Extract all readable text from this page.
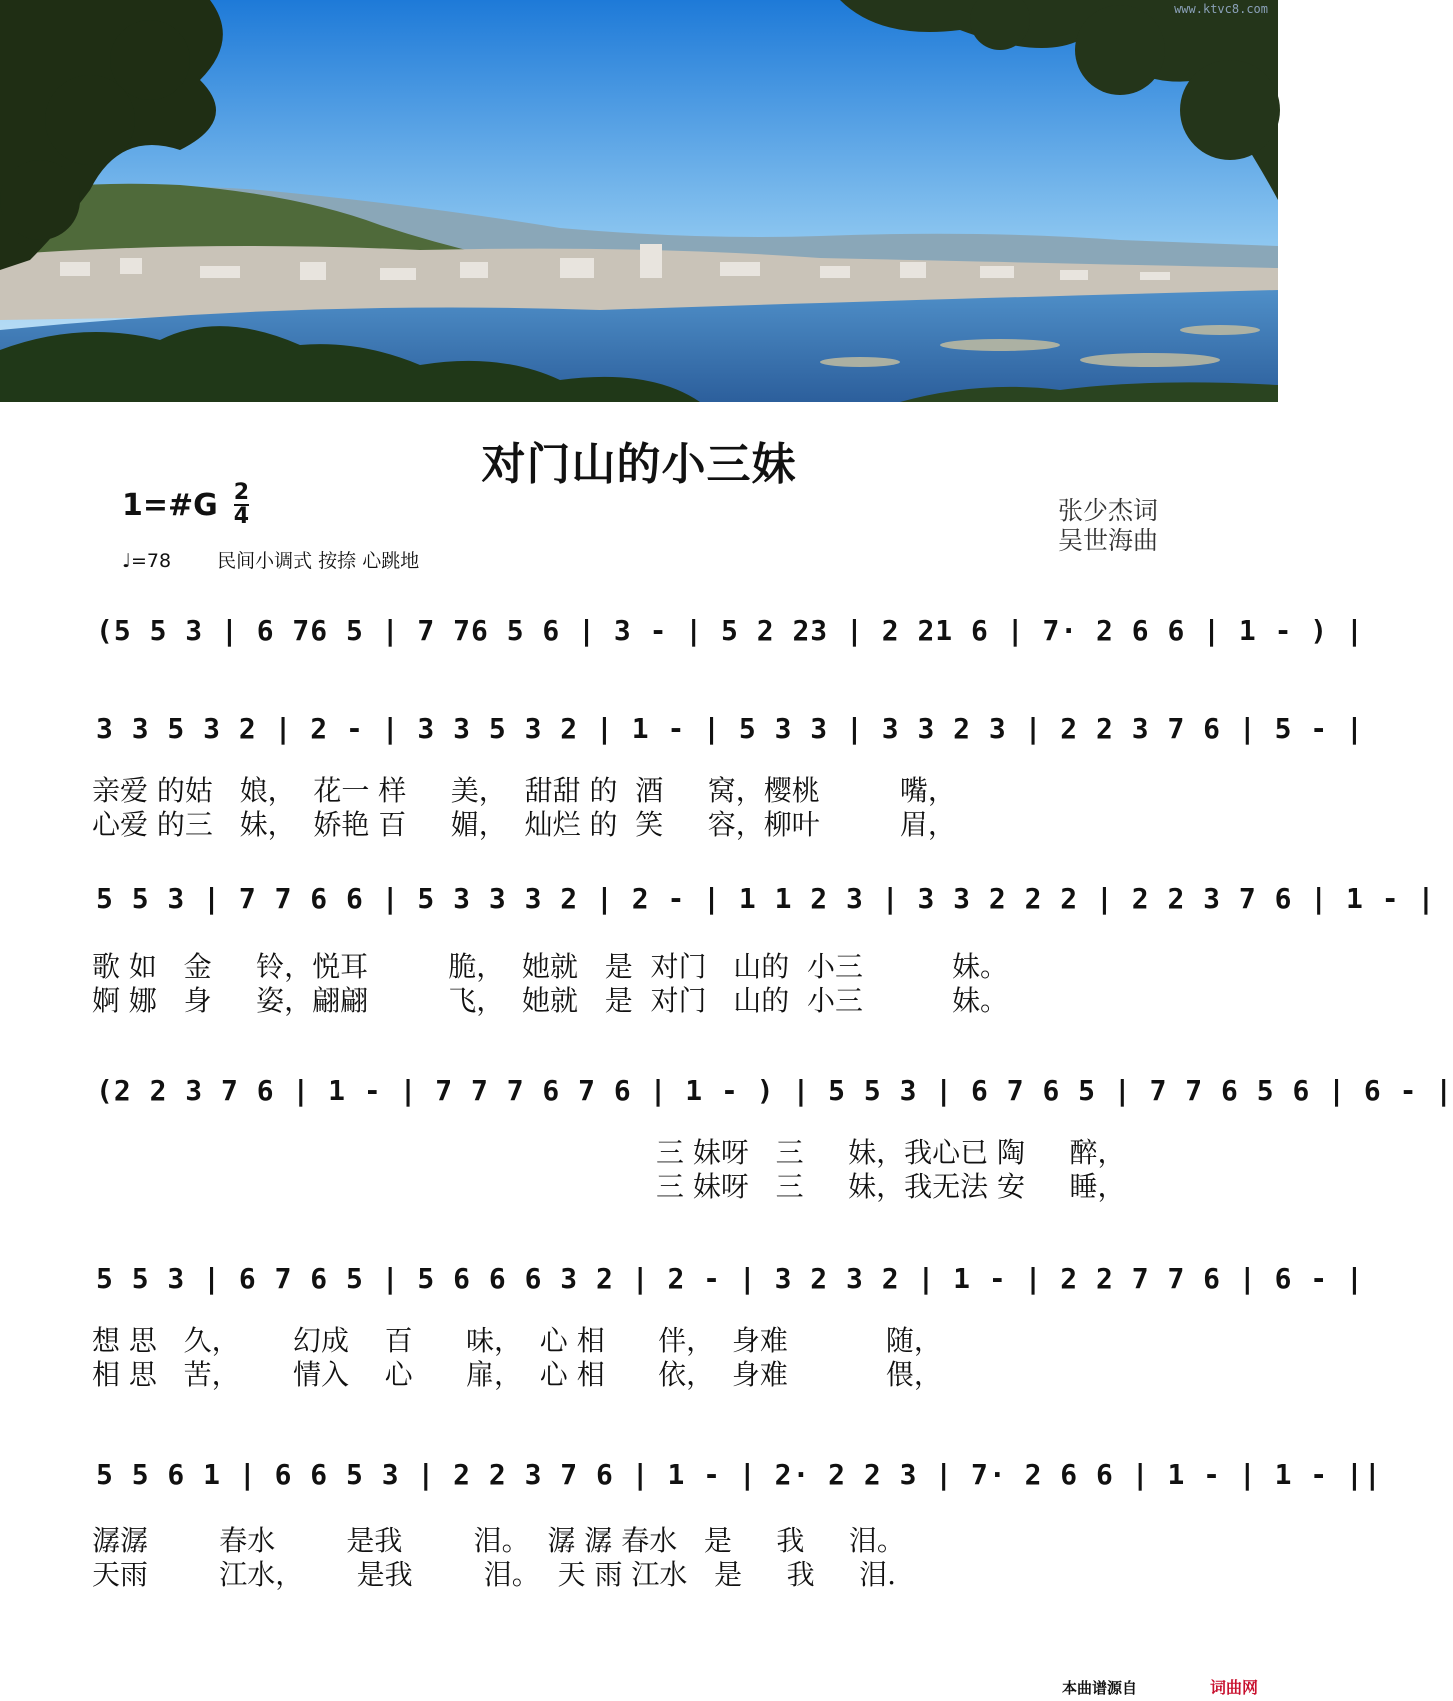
www.ktvc8.com
对门山的小三妹
1=#G $\frac{2}{4}$
♩=78 民间小调式 按捺 心跳地
张少杰词
吴世海曲
(5 5 3 | 6 76 5 | 7 76 5 6 | 3 - | 5 2 23 | 2 21 6 | 7· 2 6 6 | 1 - ) |
3 3 5 3 2 | 2 - | 3 3 5 3 2 | 1 - | 5 3 3 | 3 3 2 3 | 2 2 3 7 6 | 5 - |
亲爱 的姑   娘，  花一 样     美，  甜甜 的  酒     窝，樱桃         嘴，
心爱 的三   妹，  娇艳 百     媚，  灿烂 的  笑     容，柳叶         眉，
5 5 3 | 7 7 6 6 | 5 3 3 3 2 | 2 - | 1 1 2 3 | 3 3 2 2 2 | 2 2 3 7 6 | 1 - |
歌 如   金     铃，悦耳         脆，  她就   是  对门   山的  小三          妹。
婀 娜   身     姿，翩翩         飞，  她就   是  对门   山的  小三          妹。
(2 2 3 7 6 | 1 - | 7 7 7 6 7 6 | 1 - ) | 5 5 3 | 6 7 6 5 | 7 7 6 5 6 | 6 - |
三 妹呀   三     妹，我心已 陶     醉，
三 妹呀   三     妹，我无法 安     睡，
5 5 3 | 6 7 6 5 | 5 6 6 6 3 2 | 2 - | 3 2 3 2 | 1 - | 2 2 7 7 6 | 6 - |
想 思   久，      幻成    百      味，  心 相      伴，  身难           随，
相 思   苦，      情入    心      扉，  心 相      依，  身难           偎，
5 5 6 1 | 6 6 5 3 | 2 2 3 7 6 | 1 - | 2· 2 2 3 | 7· 2 6 6 | 1 - | 1 - ||
潺潺        春水        是我        泪。  潺 潺 春水   是     我     泪。
天雨        江水，      是我        泪。  天 雨 江水   是     我     泪.
本曲谱源自	词曲网
